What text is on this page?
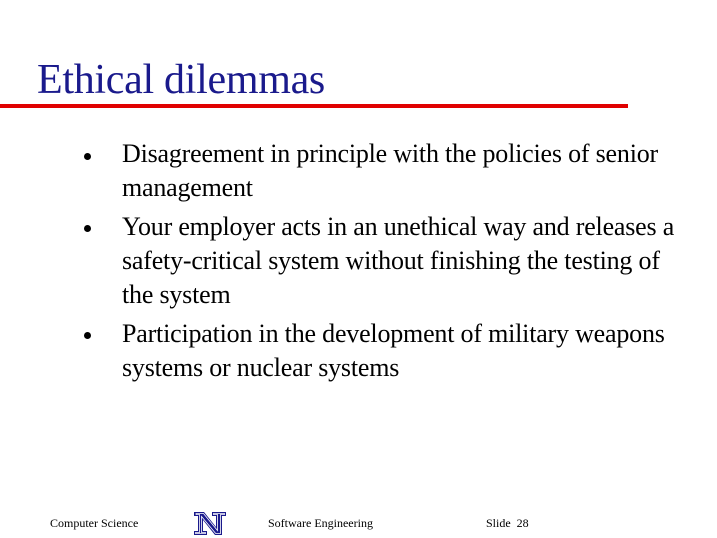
Ethical dilemmas
Disagreement in principle with the policies of senior management
Your employer acts in an unethical way and releases a safety-critical system without finishing the testing of the system
Participation in the development of military weapons systems or nuclear systems
Computer Science	Software Engineering	Slide  28
